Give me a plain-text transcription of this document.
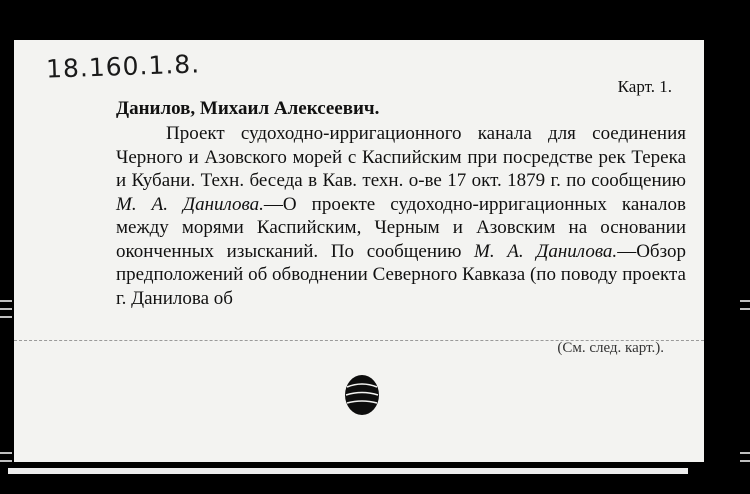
18.160.1.8.
Карт. 1.
Данилов, Михаил Алексеевич.
Проект судоходно-ирригационного канала для соединения Черного и Азовского морей с Каспийским при посредстве рек Терека и Кубани. Техн. беседа в Кав. техн. о-ве 17 окт. 1879 г. по сообщению М. А. Данилова.—О проекте судоходно-ирригационных каналов между морями Каспийским, Черным и Азовским на основании оконченных изысканий. По сообщению М. А. Данилова.—Обзор предположений об обводнении Северного Кавказа (по поводу проекта г. Данилова об
(См. след. карт.).
